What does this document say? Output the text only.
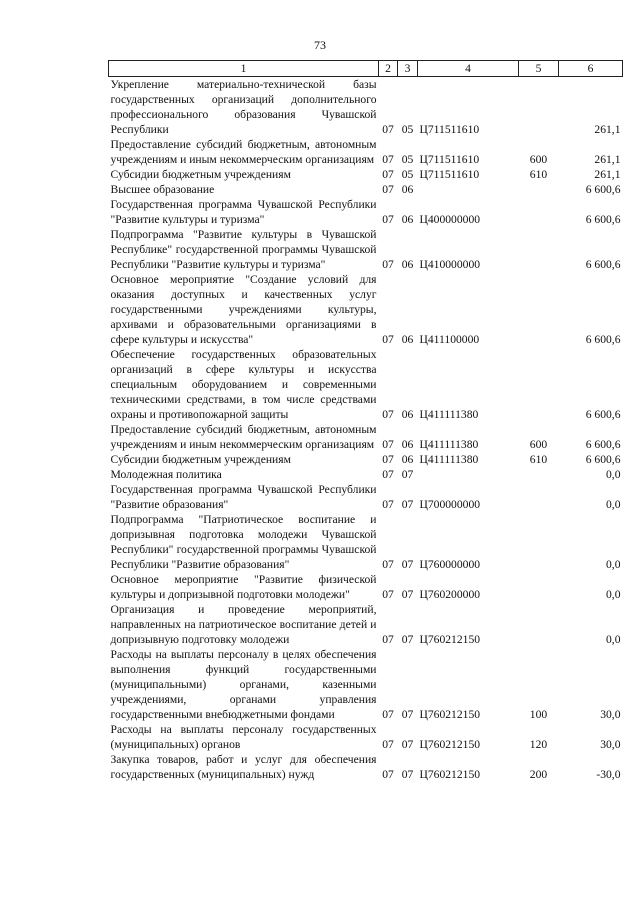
73
1	2	3	4	5	6
Укрепление материально-технической базы государственных организаций дополнительного профессионального образования Чувашской Республики	07	05	Ц711511610		261,1
Предоставление субсидий бюджетным, автономным учреждениям и иным некоммерческим организациям	07	05	Ц711511610	600	261,1
Субсидии бюджетным учреждениям	07	05	Ц711511610	610	261,1
Высшее образование	07	06			6 600,6
Государственная программа Чувашской Республики "Развитие культуры и туризма"	07	06	Ц400000000		6 600,6
Подпрограмма "Развитие культуры в Чувашской Республике" государственной программы Чувашской Республики "Развитие культуры и туризма"	07	06	Ц410000000		6 600,6
Основное мероприятие "Создание условий для оказания доступных и качественных услуг государственными учреждениями культуры, архивами и образовательными организациями в сфере культуры и искусства"	07	06	Ц411100000		6 600,6
Обеспечение государственных образовательных организаций в сфере культуры и искусства специальным оборудованием и современными техническими средствами, в том числе средствами охраны и противопожарной защиты	07	06	Ц411111380		6 600,6
Предоставление субсидий бюджетным, автономным учреждениям и иным некоммерческим организациям	07	06	Ц411111380	600	6 600,6
Субсидии бюджетным учреждениям	07	06	Ц411111380	610	6 600,6
Молодежная политика	07	07			0,0
Государственная программа Чувашской Республики "Развитие образования"	07	07	Ц700000000		0,0
Подпрограмма "Патриотическое воспитание и допризывная подготовка молодежи Чувашской Республики" государственной программы Чувашской Республики "Развитие образования"	07	07	Ц760000000		0,0
Основное мероприятие "Развитие физической культуры и допризывной подготовки молодежи"	07	07	Ц760200000		0,0
Организация и проведение мероприятий, направленных на патриотическое воспитание детей и допризывную подготовку молодежи	07	07	Ц760212150		0,0
Расходы на выплаты персоналу в целях обеспечения выполнения функций государственными (муниципальными) органами, казенными учреждениями, органами управления государственными внебюджетными фондами	07	07	Ц760212150	100	30,0
Расходы на выплаты персоналу государственных (муниципальных) органов	07	07	Ц760212150	120	30,0
Закупка товаров, работ и услуг для обеспечения государственных (муниципальных) нужд	07	07	Ц760212150	200	-30,0
